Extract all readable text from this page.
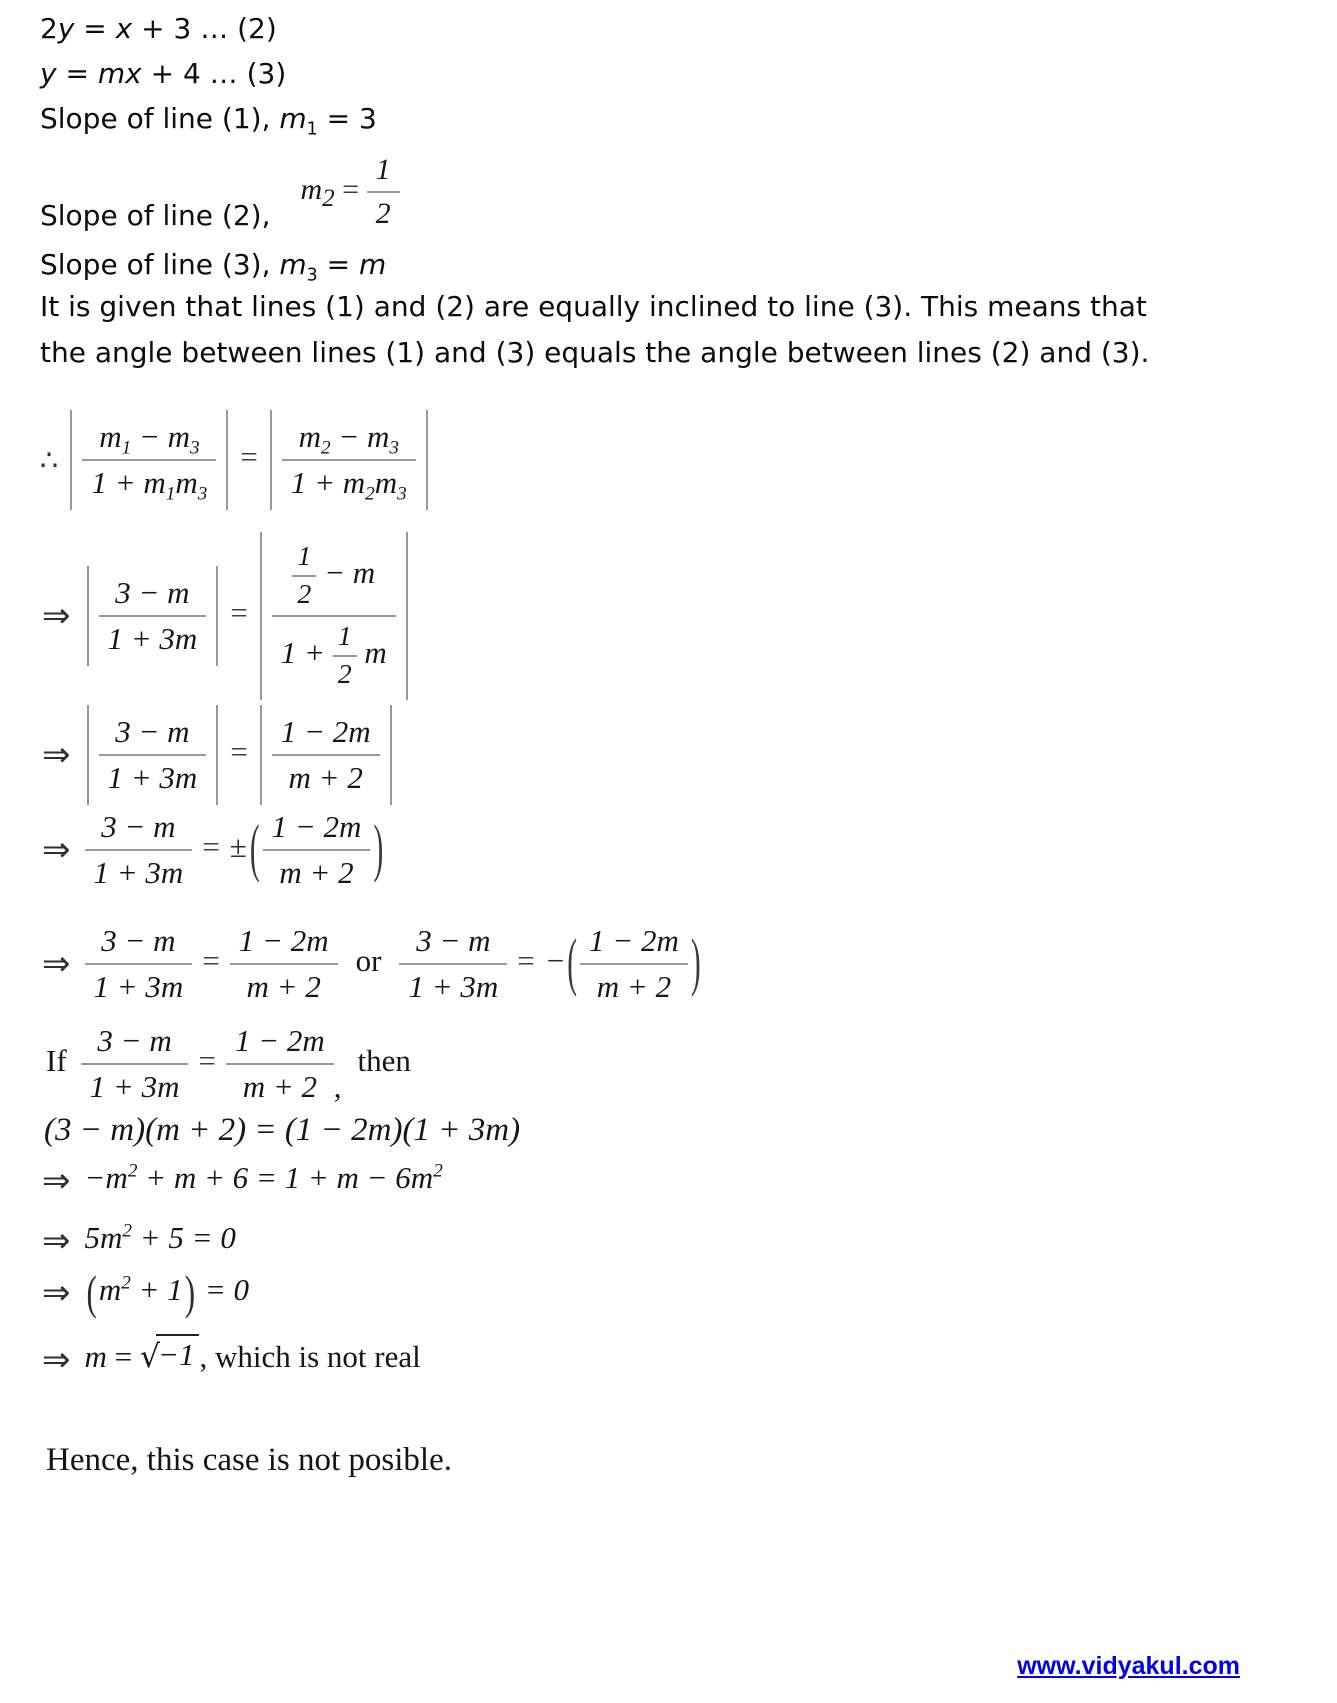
2y = x + 3 … (2)
y = mx + 4 … (3)
Slope of line (1), $m_1 = 3$
Slope of line (2),
$m_2 = \frac{1}{2}$
Slope of line (3), $m_3 = m$
It is given that lines (1) and (2) are equally inclined to line (3). This means that
the angle between lines (1) and (3) equals the angle between lines (2) and (3).
∴ $\frac{m_1 - m_3}{1 + m_1m_3} = \frac{m_2 - m_3}{1 + m_2m_3}$
⇒ $\frac{3 - m}{1 + 3m} = \frac{\frac{1}{2} - m}{1 + \frac{1}{2} m}$
⇒ $\frac{3 - m}{1 + 3m} = \frac{1 - 2m}{m + 2}$
⇒ $\frac{3 - m}{1 + 3m}$ = ± ( $\frac{1 - 2m}{m + 2}$ )
⇒ $\frac{3 - m}{1 + 3m} = \frac{1 - 2m}{m + 2}$ or $\frac{3 - m}{1 + 3m}$ = − ( $\frac{1 - 2m}{m + 2}$ )
If $\frac{3 - m}{1 + 3m} = \frac{1 - 2m}{m + 2}$ ,then
(3 − m)(m + 2) = (1 − 2m)(1 + 3m)
⇒ $-m^2 + m + 6 = 1 + m - 6m^2$
⇒ $5m^2 + 5 = 0$
⇒ $(m^2 + 1) = 0$
⇒ m = √−1 , which is not real
Hence, this case is not posible.
www.vidyakul.com
